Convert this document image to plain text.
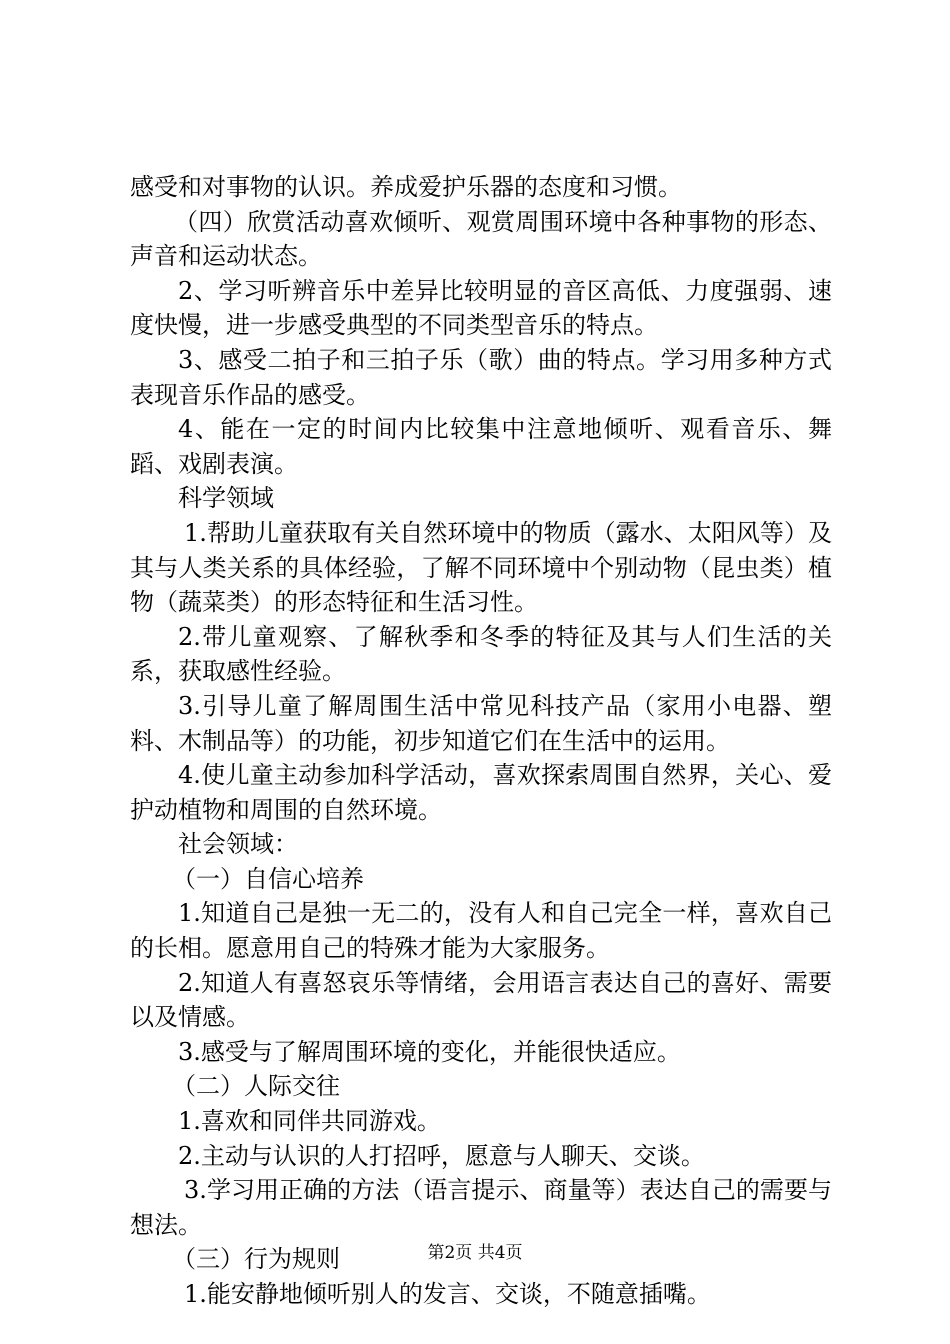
感受和对事物的认识。养成爱护乐器的态度和习惯。

（四）欣赏活动喜欢倾听、观赏周围环境中各种事物的形态、声音和运动状态。

2、学习听辨音乐中差异比较明显的音区高低、力度强弱、速度快慢，进一步感受典型的不同类型音乐的特点。

3、感受二拍子和三拍子乐（歌）曲的特点。学习用多种方式表现音乐作品的感受。

4、能在一定的时间内比较集中注意地倾听、观看音乐、舞蹈、戏剧表演。

科学领域

1.帮助儿童获取有关自然环境中的物质（露水、太阳风等）及其与人类关系的具体经验，了解不同环境中个别动物（昆虫类）植物（蔬菜类）的形态特征和生活习性。

2.带儿童观察、了解秋季和冬季的特征及其与人们生活的关系，获取感性经验。

3.引导儿童了解周围生活中常见科技产品（家用小电器、塑料、木制品等）的功能，初步知道它们在生活中的运用。

4.使儿童主动参加科学活动，喜欢探索周围自然界，关心、爱护动植物和周围的自然环境。

社会领域：

（一）自信心培养

1.知道自己是独一无二的，没有人和自己完全一样，喜欢自己的长相。愿意用自己的特殊才能为大家服务。

2.知道人有喜怒哀乐等情绪，会用语言表达自己的喜好、需要以及情感。

3.感受与了解周围环境的变化，并能很快适应。

（二）人际交往

1.喜欢和同伴共同游戏。

2.主动与认识的人打招呼，愿意与人聊天、交谈。

3.学习用正确的方法（语言提示、商量等）表达自己的需要与想法。

（三）行为规则

1.能安静地倾听别人的发言、交谈，不随意插嘴。

第2页 共4页
